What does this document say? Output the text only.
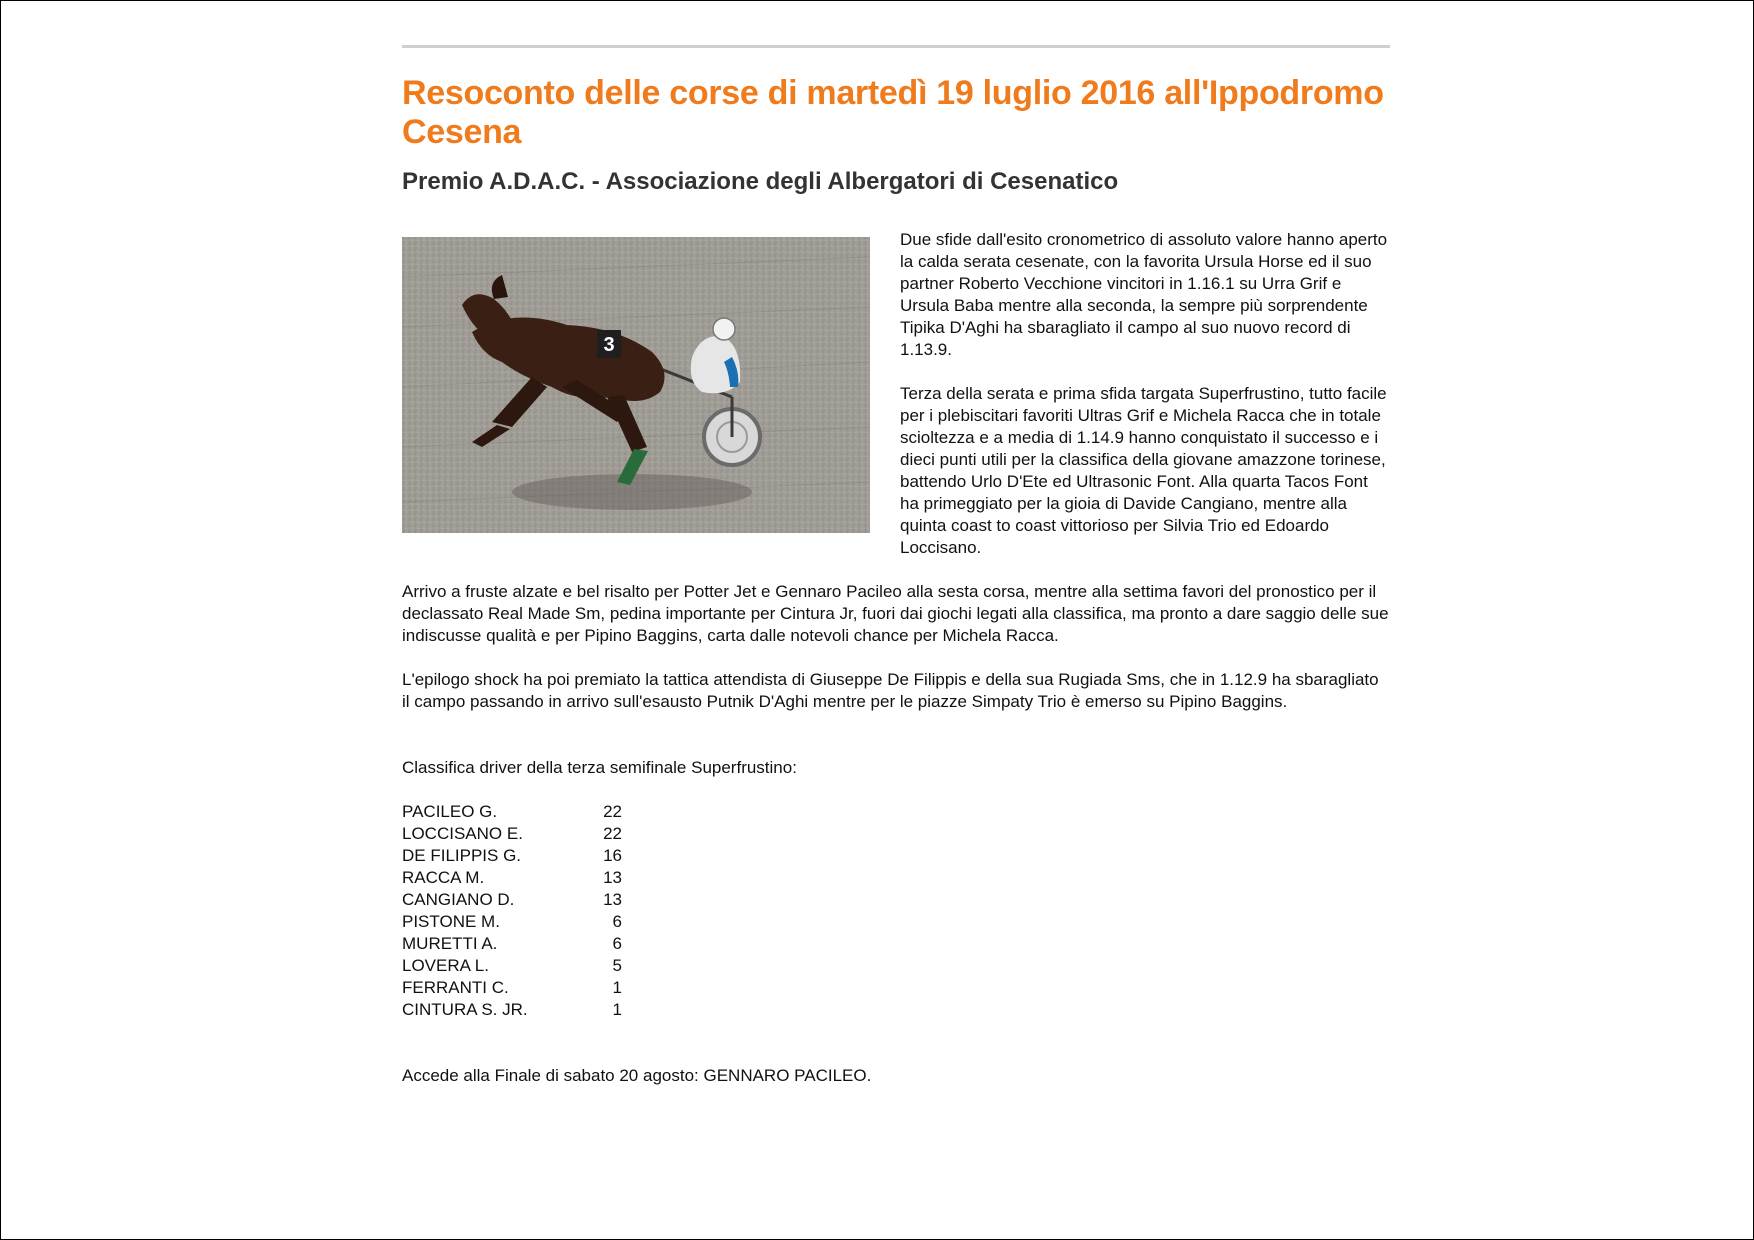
Resoconto delle corse di martedì 19 luglio 2016 all'Ippodromo Cesena
Premio A.D.A.C. - Associazione degli Albergatori di Cesenatico
3

Due sfide dall'esito cronometrico di assoluto valore hanno aperto la calda serata cesenate, con la favorita Ursula Horse ed il suo partner Roberto Vecchione vincitori in 1.16.1 su Urra Grif e Ursula Baba mentre alla seconda, la sempre più sorprendente Tipika D'Aghi ha sbaragliato il campo al suo nuovo record di 1.13.9.

Terza della serata e prima sfida targata Superfrustino, tutto facile per i plebiscitari favoriti Ultras Grif e Michela Racca che in totale scioltezza e a media di 1.14.9 hanno conquistato il successo e i dieci punti utili per la classifica della giovane amazzone torinese, battendo Urlo D'Ete ed Ultrasonic Font. Alla quarta Tacos Font ha primeggiato per la gioia di Davide Cangiano, mentre alla quinta coast to coast vittorioso per Silvia Trio ed Edoardo Loccisano.

Arrivo a fruste alzate e bel risalto per Potter Jet e Gennaro Pacileo alla sesta corsa, mentre alla settima favori del pronostico per il declassato Real Made Sm, pedina importante per Cintura Jr, fuori dai giochi legati alla classifica, ma pronto a dare saggio delle sue indiscusse qualità e per Pipino Baggins, carta dalle notevoli chance per Michela Racca.

L'epilogo shock ha poi premiato la tattica attendista di Giuseppe De Filippis e della sua Rugiada Sms, che in 1.12.9 ha sbaragliato il campo passando in arrivo sull'esausto Putnik D'Aghi mentre per le piazze Simpaty Trio è emerso su Pipino Baggins.

Classifica driver della terza semifinale Superfrustino:

PACILEO G.	22
LOCCISANO E.	22
DE FILIPPIS G.	16
RACCA M.	13
CANGIANO D.	13
PISTONE M.	6
MURETTI A.	6
LOVERA L.	5
FERRANTI C.	1
CINTURA S. JR.	1

Accede alla Finale di sabato 20 agosto: GENNARO PACILEO.
